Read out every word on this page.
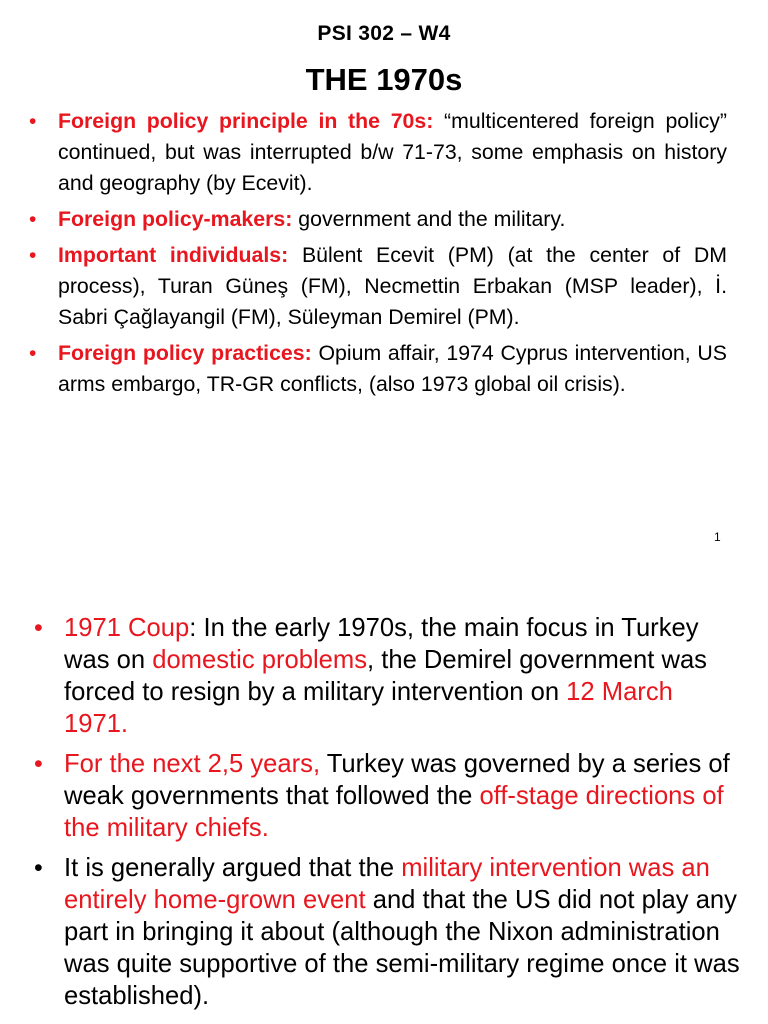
PSI 302 – W4
THE 1970s
• Foreign policy principle in the 70s: “multicentered foreign policy” continued, but was interrupted b/w 71-73, some emphasis on history and geography (by Ecevit).
• Foreign policy-makers: government and the military.
• Important individuals: Bülent Ecevit (PM) (at the center of DM process), Turan Güneş (FM), Necmettin Erbakan (MSP leader), İ. Sabri Çağlayangil (FM), Süleyman Demirel (PM).
• Foreign policy practices: Opium affair, 1974 Cyprus intervention, US arms embargo, TR-GR conflicts, (also 1973 global oil crisis).
1
• 1971 Coup: In the early 1970s, the main focus in Turkey was on domestic problems, the Demirel government was forced to resign by a military intervention on 12 March 1971.
• For the next 2,5 years, Turkey was governed by a series of weak governments that followed the off-stage directions of the military chiefs.
• It is generally argued that the military intervention was an entirely home-grown event and that the US did not play any part in bringing it about (although the Nixon administration was quite supportive of the semi-military regime once it was established).
